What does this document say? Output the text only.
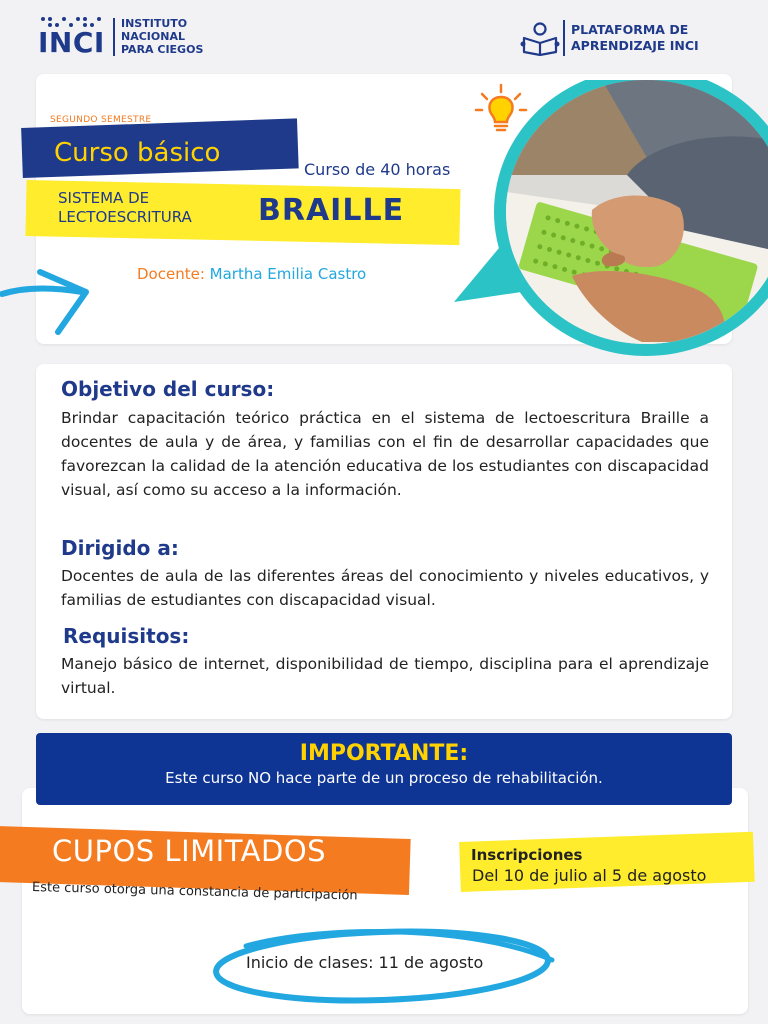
INCI
INSTITUTO
NACIONAL
PARA CIEGOS
PLATAFORMA DE
APRENDIZAJE INCI
SEGUNDO SEMESTRE
Curso básico
Curso de 40 horas
SISTEMA DE
LECTOESCRITURA BRAILLE
Docente: Martha Emilia Castro
Objetivo del curso:
Brindar capacitación teórico práctica en el sistema de lectoescritura Braille a docentes de aula y de área, y familias con el fin de desarrollar capacidades que favorezcan la calidad de la atención educativa de los estudiantes con discapacidad visual, así como su acceso a la información.
Dirigido a:
Docentes de aula de las diferentes áreas del conocimiento y niveles educativos, y familias de estudiantes con discapacidad visual.
Requisitos:
Manejo básico de internet, disponibilidad de tiempo, disciplina para el aprendizaje virtual.
IMPORTANTE:
Este curso NO hace parte de un proceso de rehabilitación.
CUPOS LIMITADOS
Este curso otorga una constancia de participación
Inscripciones
Del 10 de julio al 5 de agosto
Inicio de clases: 11 de agosto
